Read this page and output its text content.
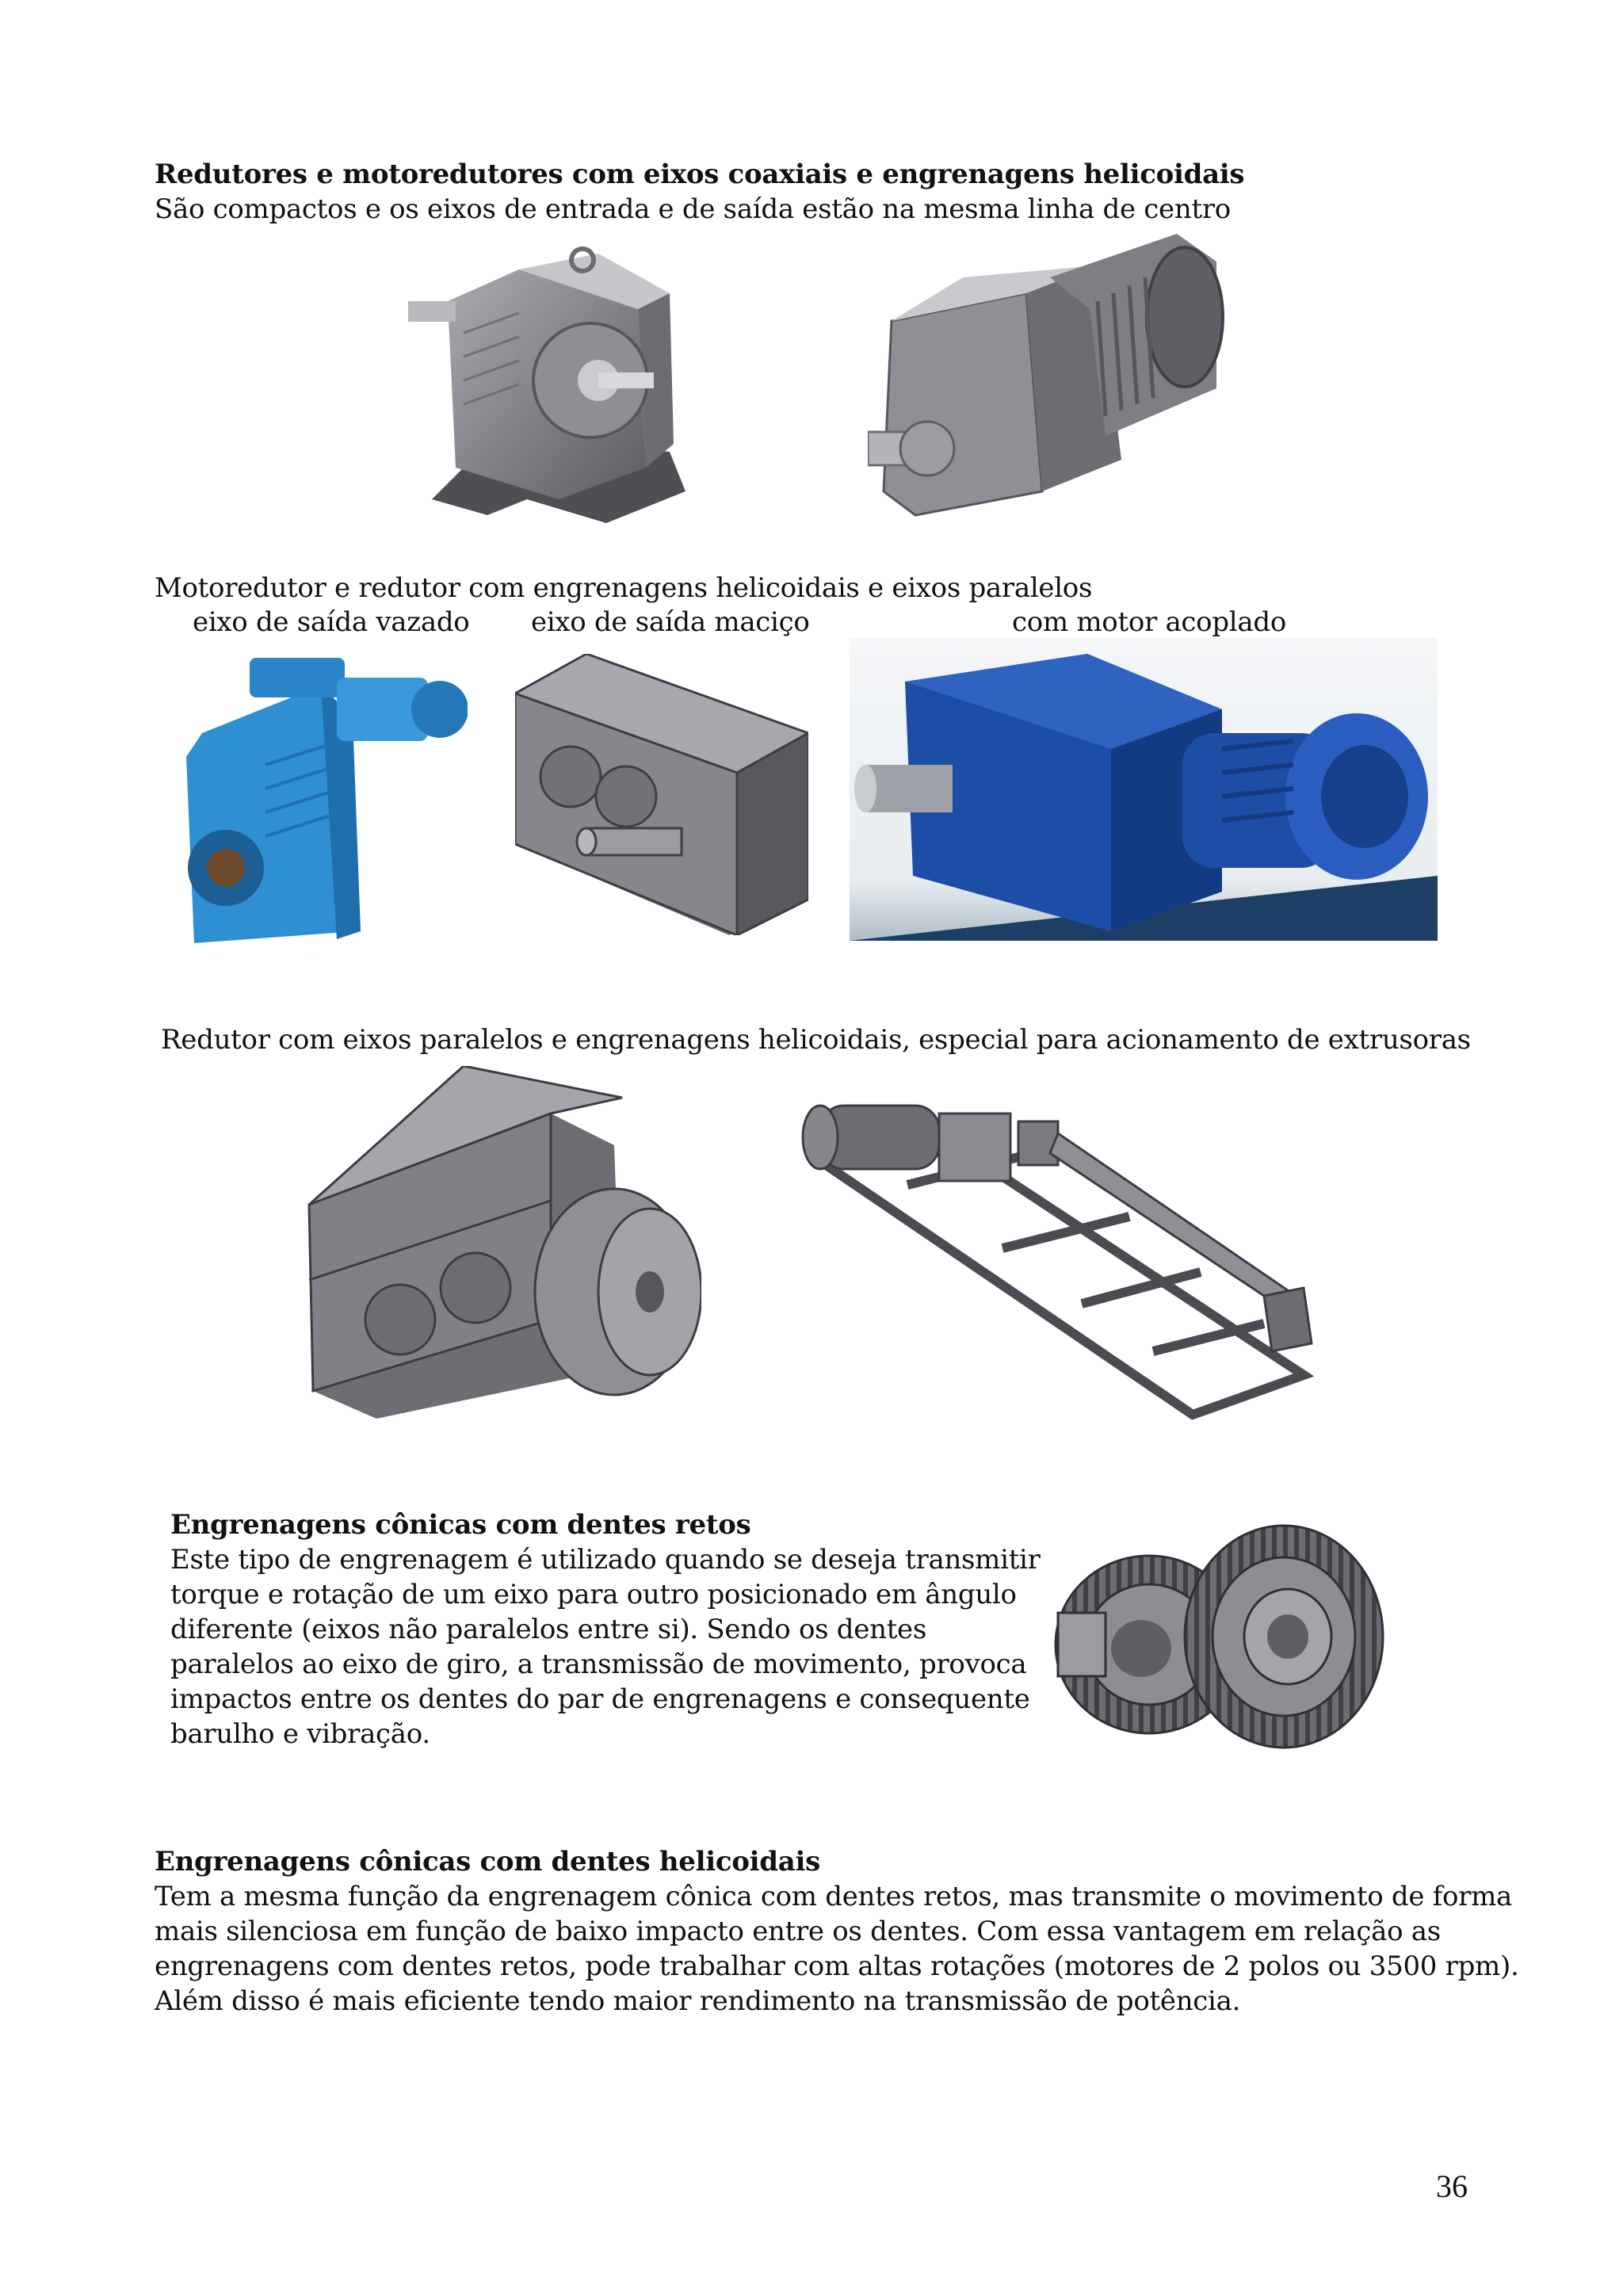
Redutores e motoredutores com eixos coaxiais e engrenagens helicoidais
São compactos e os eixos de entrada e de saída estão na mesma linha de centro
Motoredutor e redutor com engrenagens helicoidais e eixos paralelos
eixo de saída vazado eixo de saída maciço	com motor acoplado
Redutor com eixos paralelos e engrenagens helicoidais, especial para acionamento de extrusoras
Engrenagens cônicas com dentes retos
Este tipo de engrenagem é utilizado quando se deseja transmitir
torque e rotação de um eixo para outro posicionado em ângulo
diferente (eixos não paralelos entre si). Sendo os dentes
paralelos ao eixo de giro, a transmissão de movimento, provoca
impactos entre os dentes do par de engrenagens e consequente
barulho e vibração.
Engrenagens cônicas com dentes helicoidais
Tem a mesma função da engrenagem cônica com dentes retos, mas transmite o movimento de forma
mais silenciosa em função de baixo impacto entre os dentes. Com essa vantagem em relação as
engrenagens com dentes retos, pode trabalhar com altas rotações (motores de 2 polos ou 3500 rpm).
Além disso é mais eficiente tendo maior rendimento na transmissão de potência.
36
